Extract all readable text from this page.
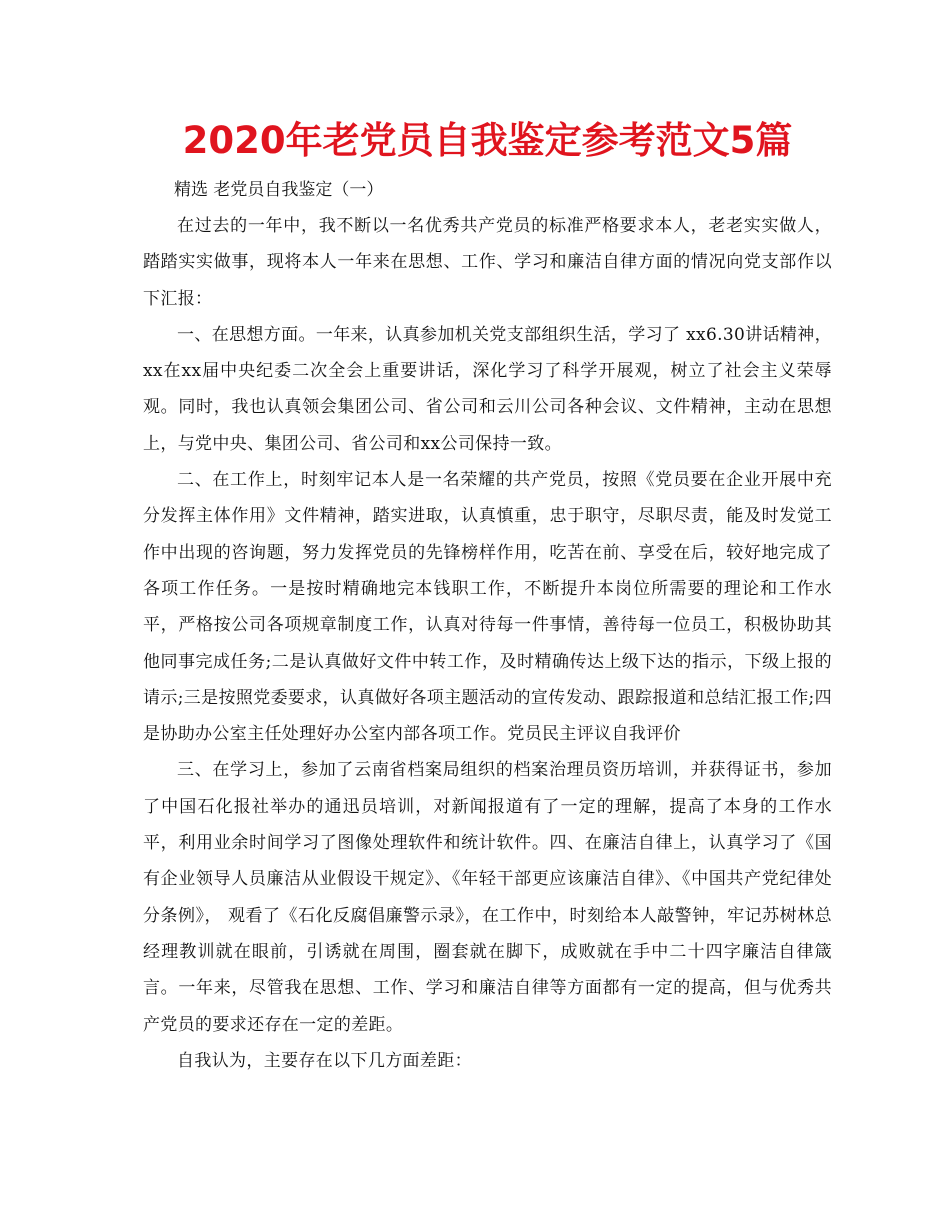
2020年老党员自我鉴定参考范文5篇

精选 老党员自我鉴定（一）

在过去的一年中，我不断以一名优秀共产党员的标准严格要求本人，老老实实做人，踏踏实实做事，现将本人一年来在思想、工作、学习和廉洁自律方面的情况向党支部作以下汇报：

一、在思想方面。一年来，认真参加机关党支部组织生活，学习了 xx6.30讲话精神，xx在xx届中央纪委二次全会上重要讲话，深化学习了科学开展观，树立了社会主义荣辱观。同时，我也认真领会集团公司、省公司和云川公司各种会议、文件精神，主动在思想上，与党中央、集团公司、省公司和xx公司保持一致。

二、在工作上，时刻牢记本人是一名荣耀的共产党员，按照《党员要在企业开展中充分发挥主体作用》文件精神，踏实进取，认真慎重，忠于职守，尽职尽责，能及时发觉工作中出现的咨询题，努力发挥党员的先锋榜样作用，吃苦在前、享受在后，较好地完成了各项工作任务。一是按时精确地完本钱职工作，不断提升本岗位所需要的理论和工作水平，严格按公司各项规章制度工作，认真对待每一件事情，善待每一位员工，积极协助其他同事完成任务;二是认真做好文件中转工作，及时精确传达上级下达的指示，下级上报的请示;三是按照党委要求，认真做好各项主题活动的宣传发动、跟踪报道和总结汇报工作;四是协助办公室主任处理好办公室内部各项工作。党员民主评议自我评价

三、在学习上，参加了云南省档案局组织的档案治理员资历培训，并获得证书，参加了中国石化报社举办的通迅员培训，对新闻报道有了一定的理解，提高了本身的工作水平，利用业余时间学习了图像处理软件和统计软件。四、在廉洁自律上，认真学习了《国有企业领导人员廉洁从业假设干规定》、《年轻干部更应该廉洁自律》、《中国共产党纪律处分条例》， 观看了《石化反腐倡廉警示录》，在工作中，时刻给本人敲警钟，牢记苏树林总经理教训就在眼前，引诱就在周围，圈套就在脚下，成败就在手中二十四字廉洁自律箴言。一年来，尽管我在思想、工作、学习和廉洁自律等方面都有一定的提高，但与优秀共产党员的要求还存在一定的差距。

自我认为，主要存在以下几方面差距：
